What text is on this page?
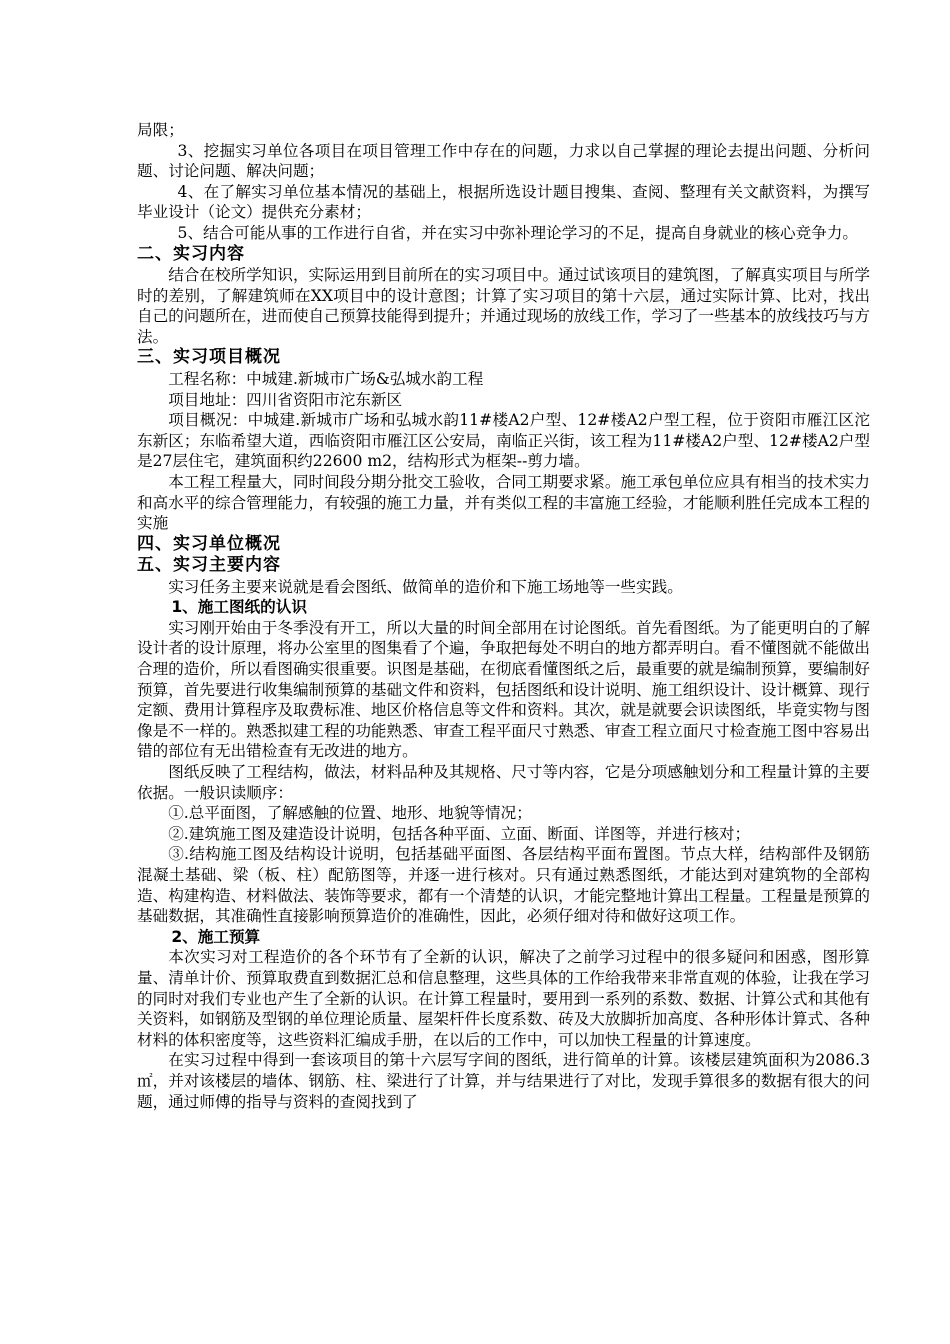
局限；

3、挖掘实习单位各项目在项目管理工作中存在的问题，力求以自己掌握的理论去提出问题、分析问题、讨论问题、解决问题；

4、在了解实习单位基本情况的基础上，根据所选设计题目搜集、查阅、整理有关文献资料，为撰写毕业设计（论文）提供充分素材；

5、结合可能从事的工作进行自省，并在实习中弥补理论学习的不足，提高自身就业的核心竞争力。

二、实习内容

结合在校所学知识，实际运用到目前所在的实习项目中。通过试该项目的建筑图，了解真实项目与所学时的差别，了解建筑师在XX项目中的设计意图；计算了实习项目的第十六层，通过实际计算、比对，找出自己的问题所在，进而使自己预算技能得到提升；并通过现场的放线工作，学习了一些基本的放线技巧与方法。

三、实习项目概况

工程名称：中城建.新城市广场&弘城水韵工程

项目地址：四川省资阳市沱东新区

项目概况：中城建.新城市广场和弘城水韵11#楼A2户型、12#楼A2户型工程，位于资阳市雁江区沱东新区；东临希望大道，西临资阳市雁江区公安局，南临正兴街，该工程为11#楼A2户型、12#楼A2户型是27层住宅，建筑面积约22600 m2，结构形式为框架--剪力墙。

本工程工程量大，同时间段分期分批交工验收，合同工期要求紧。施工承包单位应具有相当的技术实力和高水平的综合管理能力，有较强的施工力量，并有类似工程的丰富施工经验，才能顺利胜任完成本工程的实施

四、实习单位概况
五、实习主要内容

实习任务主要来说就是看会图纸、做简单的造价和下施工场地等一些实践。

1、施工图纸的认识

实习刚开始由于冬季没有开工，所以大量的时间全部用在讨论图纸。首先看图纸。为了能更明白的了解设计者的设计原理，将办公室里的图集看了个遍，争取把每处不明白的地方都弄明白。看不懂图就不能做出合理的造价，所以看图确实很重要。识图是基础，在彻底看懂图纸之后，最重要的就是编制预算，要编制好预算，首先要进行收集编制预算的基础文件和资料，包括图纸和设计说明、施工组织设计、设计概算、现行定额、费用计算程序及取费标准、地区价格信息等文件和资料。其次，就是就要会识读图纸，毕竟实物与图像是不一样的。熟悉拟建工程的功能熟悉、审查工程平面尺寸熟悉、审查工程立面尺寸检查施工图中容易出错的部位有无出错检查有无改进的地方。

图纸反映了工程结构，做法，材料品种及其规格、尺寸等内容，它是分项感触划分和工程量计算的主要依据。一般识读顺序：

①.总平面图，了解感触的位置、地形、地貌等情况；

②.建筑施工图及建造设计说明，包括各种平面、立面、断面、详图等，并进行核对；

③.结构施工图及结构设计说明，包括基础平面图、各层结构平面布置图。节点大样，结构部件及钢筋混凝土基础、梁（板、柱）配筋图等，并逐一进行核对。只有通过熟悉图纸，才能达到对建筑物的全部构造、构建构造、材料做法、装饰等要求，都有一个清楚的认识，才能完整地计算出工程量。工程量是预算的基础数据，其准确性直接影响预算造价的准确性，因此，必须仔细对待和做好这项工作。

2、施工预算

本次实习对工程造价的各个环节有了全新的认识，解决了之前学习过程中的很多疑问和困惑，图形算量、清单计价、预算取费直到数据汇总和信息整理，这些具体的工作给我带来非常直观的体验，让我在学习的同时对我们专业也产生了全新的认识。在计算工程量时，要用到一系列的系数、数据、计算公式和其他有关资料，如钢筋及型钢的单位理论质量、屋架杆件长度系数、砖及大放脚折加高度、各种形体计算式、各种材料的体积密度等，这些资料汇编成手册，在以后的工作中，可以加快工程量的计算速度。

在实习过程中得到一套该项目的第十六层写字间的图纸，进行简单的计算。该楼层建筑面积为2086.3㎡，并对该楼层的墙体、钢筋、柱、梁进行了计算，并与结果进行了对比，发现手算很多的数据有很大的问题，通过师傅的指导与资料的查阅找到了
